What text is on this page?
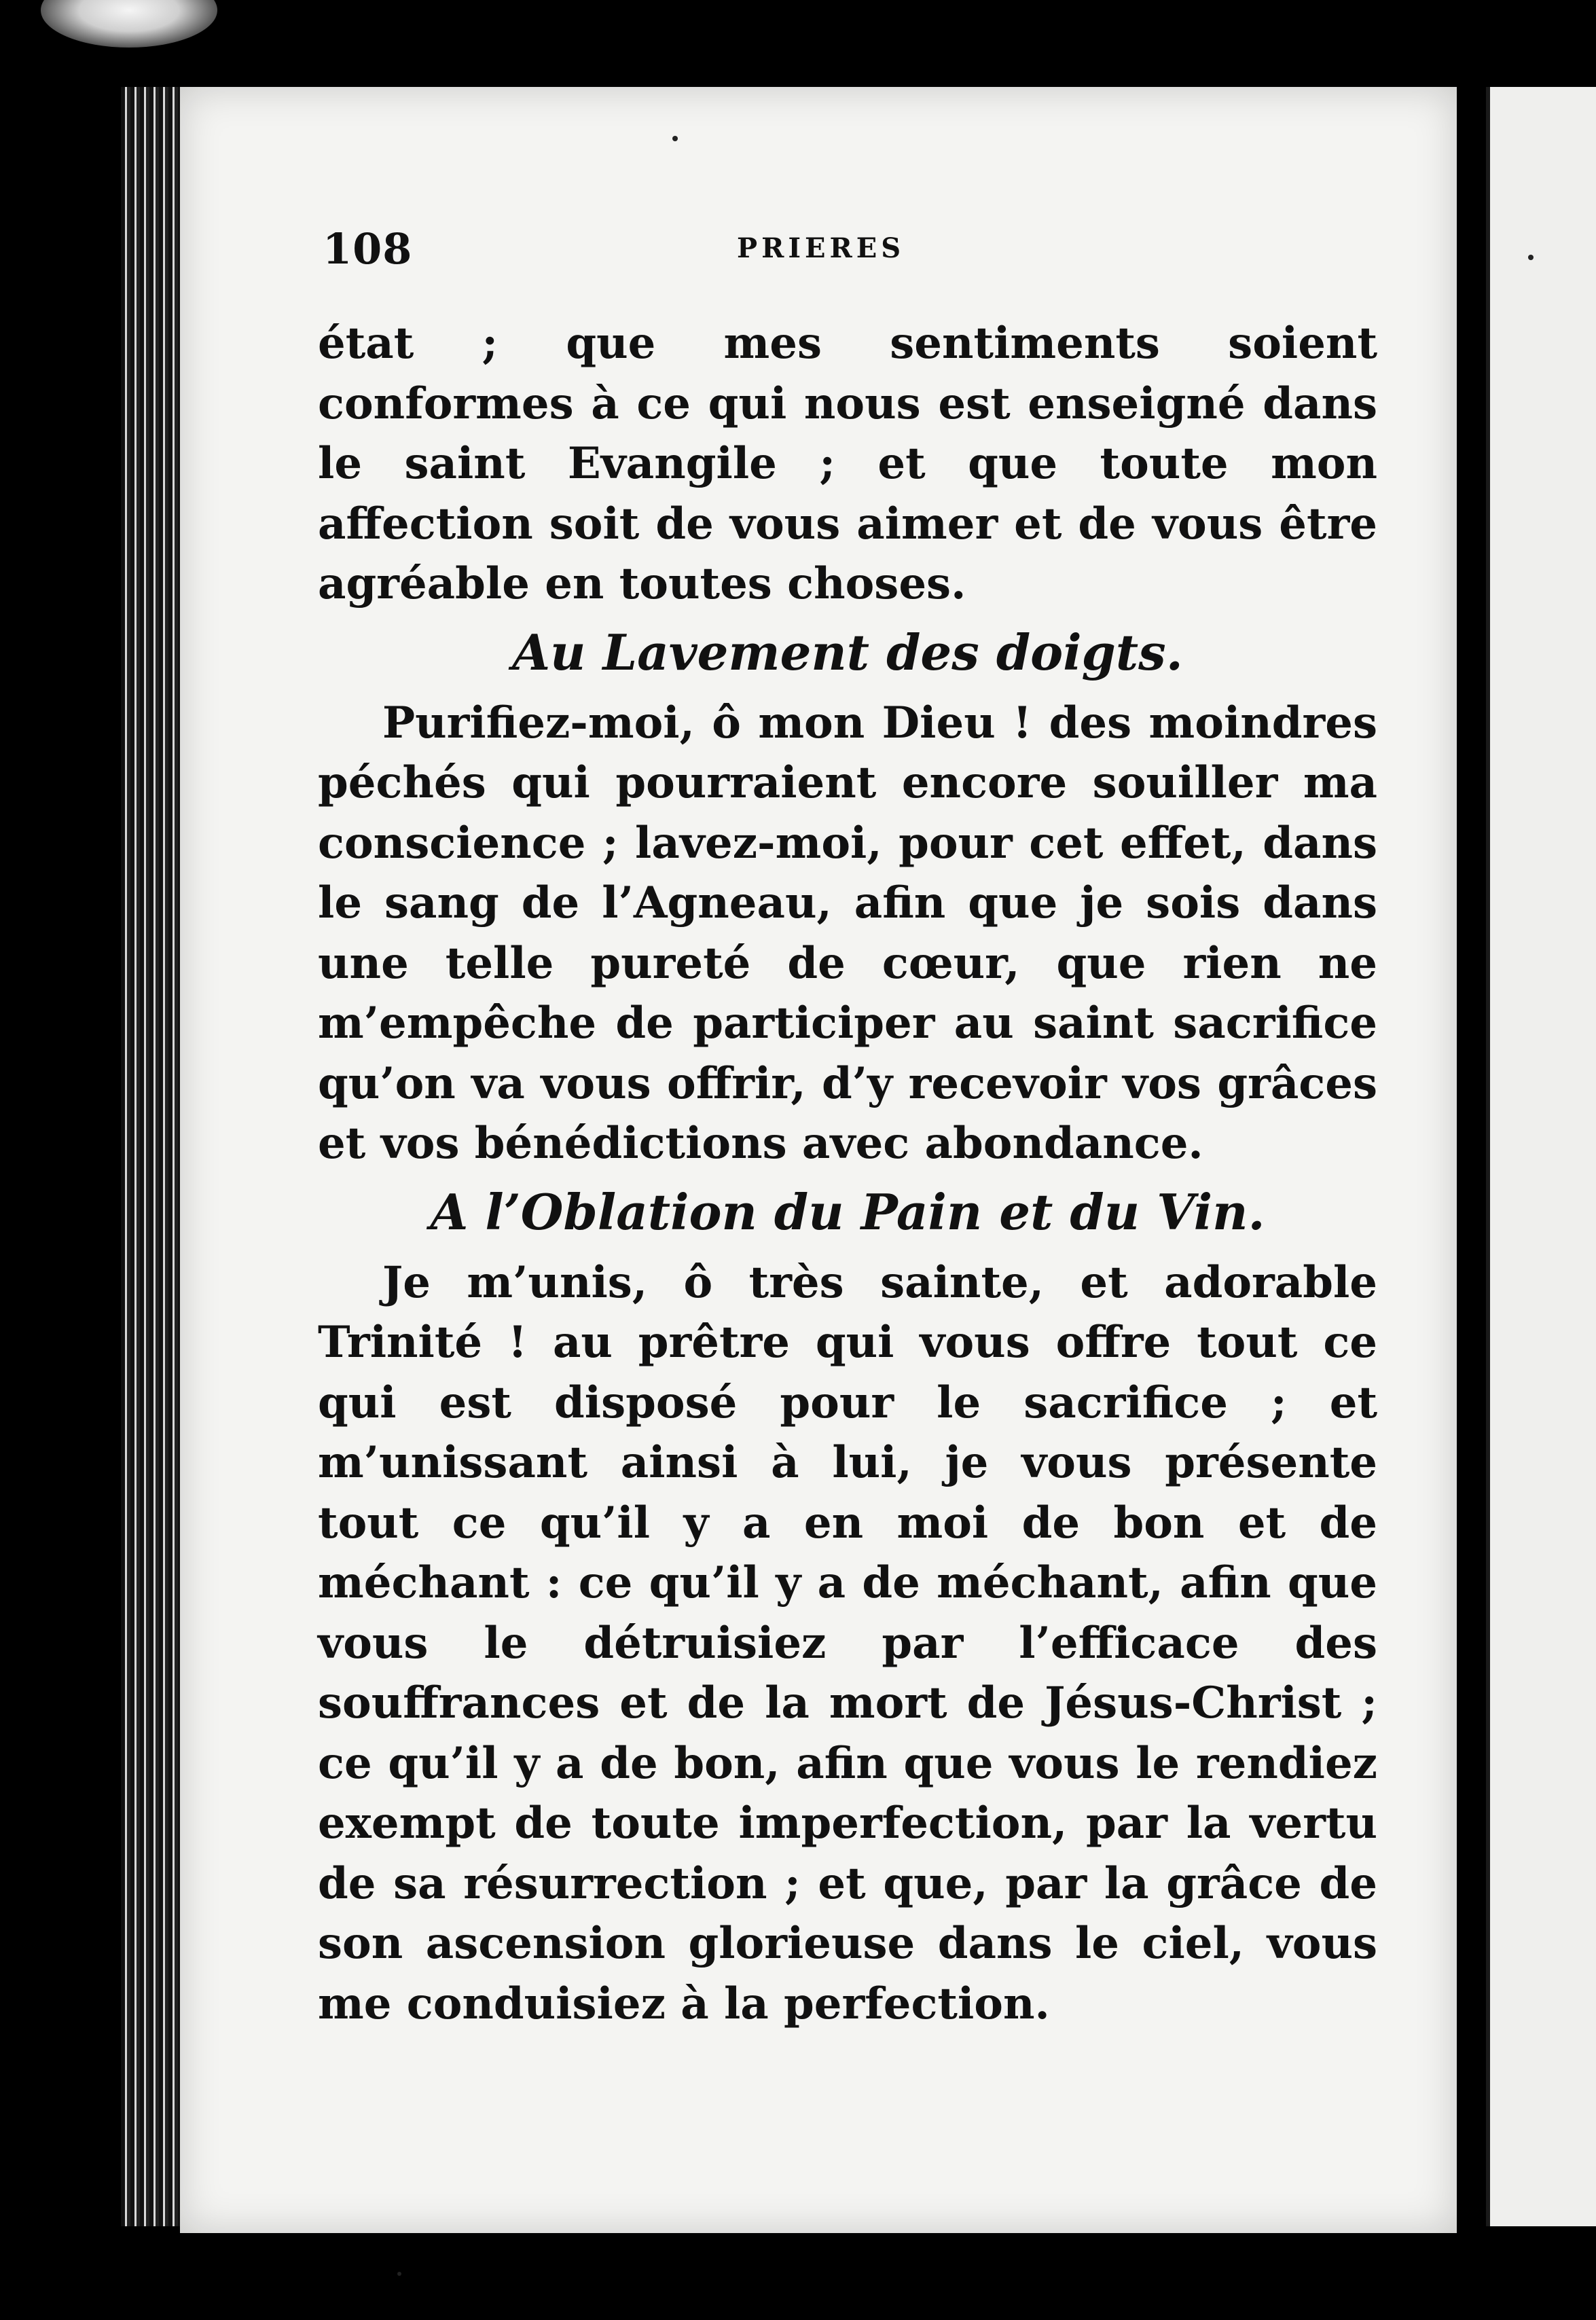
108	PRIERES

état ; que mes sentiments soient conformes à ce qui nous est enseigné dans le saint Evangile ; et que toute mon affection soit de vous aimer et de vous être agréable en toutes choses.

Au Lavement des doigts.

Purifiez-moi, ô mon Dieu ! des moindres péchés qui pourraient encore souiller ma conscience ; lavez-moi, pour cet effet, dans le sang de l’Agneau, afin que je sois dans une telle pureté de cœur, que rien ne m’empêche de participer au saint sacrifice qu’on va vous offrir, d’y recevoir vos grâces et vos bénédictions avec abondance.

A l’Oblation du Pain et du Vin.

Je m’unis, ô très sainte, et adorable Trinité ! au prêtre qui vous offre tout ce qui est disposé pour le sacrifice ; et m’unissant ainsi à lui, je vous présente tout ce qu’il y a en moi de bon et de méchant : ce qu’il y a de méchant, afin que vous le détruisiez par l’efficace des souffrances et de la mort de Jésus-Christ ; ce qu’il y a de bon, afin que vous le rendiez exempt de toute imperfection, par la vertu de sa résurrection ; et que, par la grâce de son ascension glorieuse dans le ciel, vous me conduisiez à la perfection.
